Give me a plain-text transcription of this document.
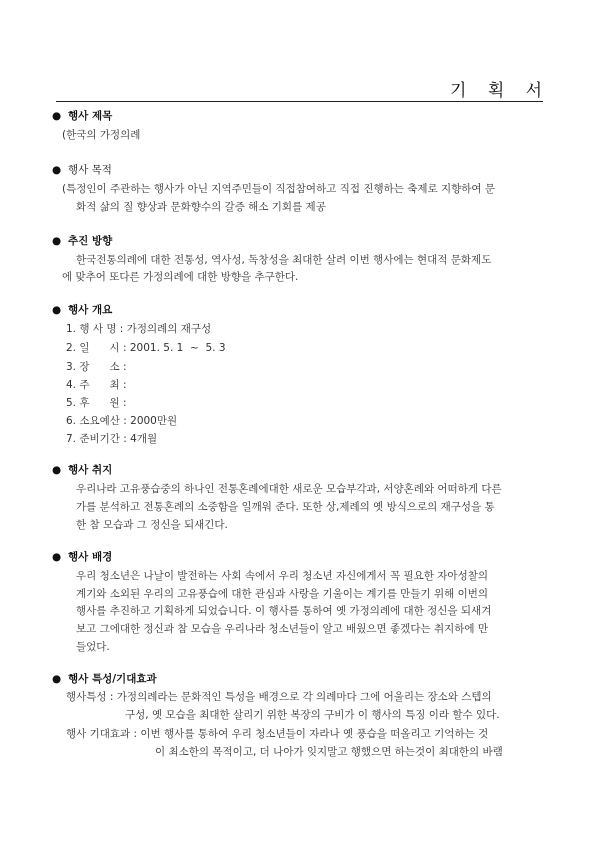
기 획 서
● 행사 제목
(한국의 가정의례
● 행사 목적
(특정인이 주관하는 행사가 아닌 지역주민들이 직접참여하고 직접 진행하는 축제로 지향하여 문
화적 삶의 질 향상과 문화향수의 갈증 해소 기회를 제공
● 추진 방향
한국전통의례에 대한 전통성, 역사성, 독창성을 최대한 살려 이번 행사에는 현대적 문화제도
에 맞추어 또다른 가정의례에 대한 방향을 추구한다.
● 행사 개요
1. 행 사 명 : 가정의례의 재구성
2. 일      시 : 2001. 5. 1  ~  5. 3
3. 장      소 :
4. 주      최 :
5. 후      원 :
6. 소요예산 : 2000만원
7. 준비기간 : 4개월
● 행사 취지
우리나라 고유풍습중의 하나인 전통혼례에대한 새로운 모습부각과, 서양혼례와 어떠하게 다른
가를 분석하고 전통혼례의 소중함을 일깨워 준다. 또한 상,제례의 옛 방식으로의 재구성을 통
한 참 모습과 그 정신을 되새긴다.
● 행사 배경
우리 청소년은 나날이 발전하는 사회 속에서 우리 청소년 자신에게서 꼭 필요한 자아성찰의
계기와 소외된 우리의 고유풍습에 대한 관심과 사랑을 기울이는 계기를 만들기 위해 이번의
행사를 추진하고 기획하게 되었습니다. 이 행사를 통하여 옛 가정의례에 대한 정신을 되새겨
보고 그에대한 정신과 참 모습을 우리나라 청소년들이 알고 배웠으면 좋겠다는 취지하에 만
들었다.
● 행사 특성/기대효과
행사특성 : 가정의례라는 문화적인 특성을 배경으로 각 의례마다 그에 어울리는 장소와 스텝의
구성, 옛 모습을 최대한 살리기 위한 복장의 구비가 이 행사의 특징 이라 할수 있다.
행사 기대효과 : 이번 행사를 통하여 우리 청소년들이 자라나 옛 풍습을 떠올리고 기억하는 것
이 최소한의 목적이고, 더 나아가 잊지말고 행했으면 하는것이 최대한의 바램
